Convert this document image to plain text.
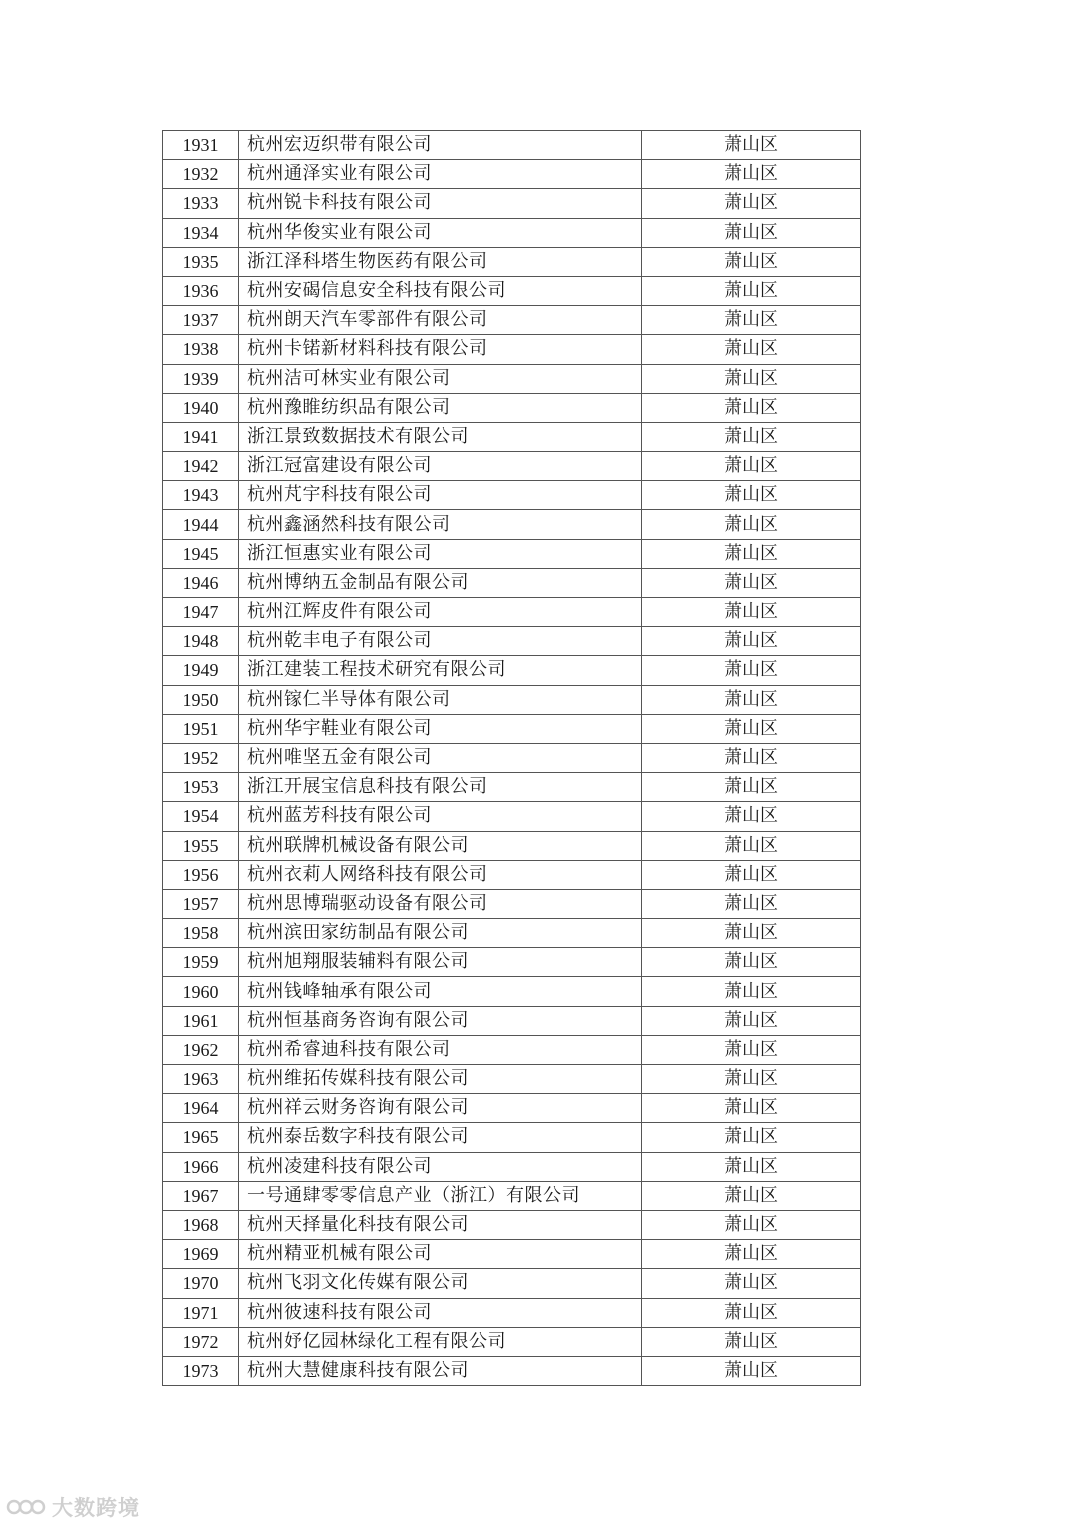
1931	杭州宏迈织带有限公司	萧山区
1932	杭州通泽实业有限公司	萧山区
1933	杭州锐卡科技有限公司	萧山区
1934	杭州华俊实业有限公司	萧山区
1935	浙江泽科塔生物医药有限公司	萧山区
1936	杭州安碣信息安全科技有限公司	萧山区
1937	杭州朗天汽车零部件有限公司	萧山区
1938	杭州卡锘新材料科技有限公司	萧山区
1939	杭州洁可林实业有限公司	萧山区
1940	杭州豫睢纺织品有限公司	萧山区
1941	浙江景致数据技术有限公司	萧山区
1942	浙江冠富建设有限公司	萧山区
1943	杭州芃宇科技有限公司	萧山区
1944	杭州鑫涵然科技有限公司	萧山区
1945	浙江恒惠实业有限公司	萧山区
1946	杭州博纳五金制品有限公司	萧山区
1947	杭州江辉皮件有限公司	萧山区
1948	杭州乾丰电子有限公司	萧山区
1949	浙江建装工程技术研究有限公司	萧山区
1950	杭州镓仁半导体有限公司	萧山区
1951	杭州华宇鞋业有限公司	萧山区
1952	杭州唯坚五金有限公司	萧山区
1953	浙江开展宝信息科技有限公司	萧山区
1954	杭州蓝芳科技有限公司	萧山区
1955	杭州联牌机械设备有限公司	萧山区
1956	杭州衣莉人网络科技有限公司	萧山区
1957	杭州思博瑞驱动设备有限公司	萧山区
1958	杭州滨田家纺制品有限公司	萧山区
1959	杭州旭翔服装辅料有限公司	萧山区
1960	杭州钱峰轴承有限公司	萧山区
1961	杭州恒基商务咨询有限公司	萧山区
1962	杭州希睿迪科技有限公司	萧山区
1963	杭州维拓传媒科技有限公司	萧山区
1964	杭州祥云财务咨询有限公司	萧山区
1965	杭州泰岳数字科技有限公司	萧山区
1966	杭州凌建科技有限公司	萧山区
1967	一号通肆零零信息产业（浙江）有限公司	萧山区
1968	杭州天择量化科技有限公司	萧山区
1969	杭州精亚机械有限公司	萧山区
1970	杭州飞羽文化传媒有限公司	萧山区
1971	杭州彼速科技有限公司	萧山区
1972	杭州妤亿园林绿化工程有限公司	萧山区
1973	杭州大慧健康科技有限公司	萧山区
大数跨境
